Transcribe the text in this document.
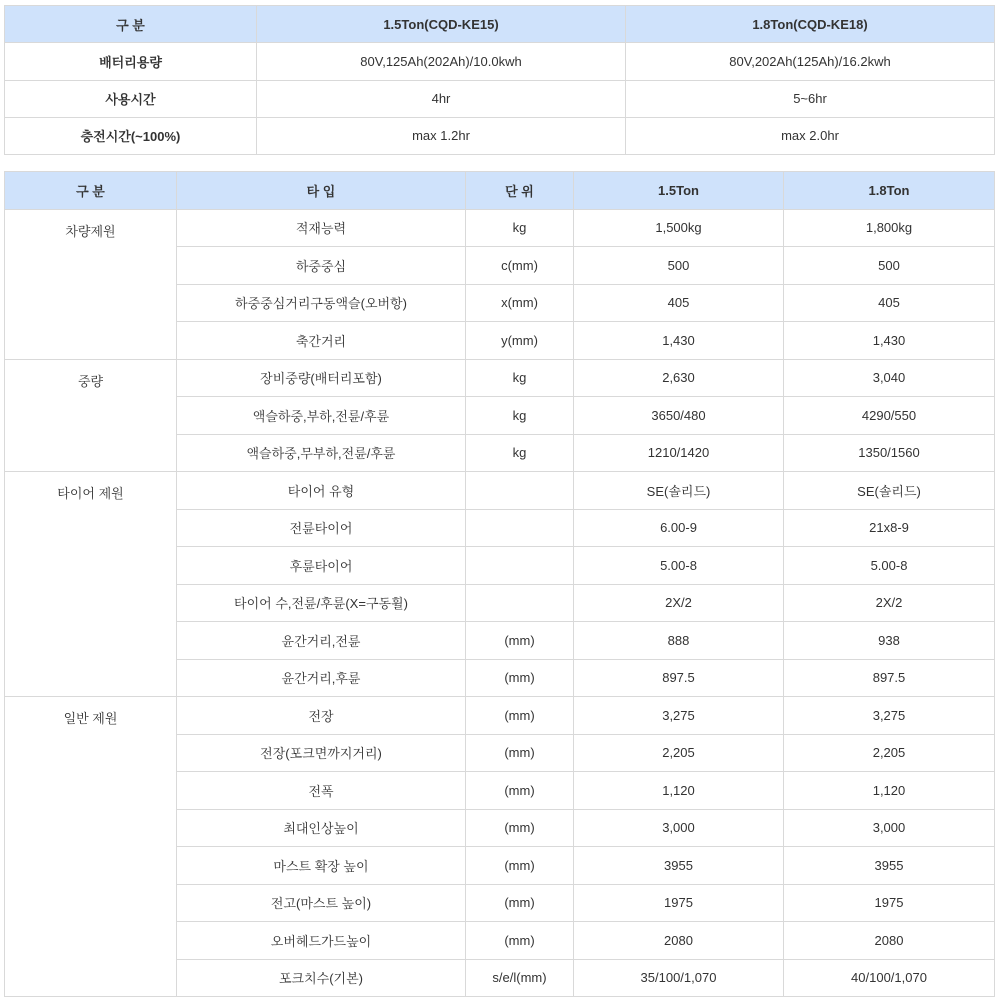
구 분	1.5Ton(CQD-KE15)	1.8Ton(CQD-KE18)
배터리용량	80V,125Ah(202Ah)/10.0kwh	80V,202Ah(125Ah)/16.2kwh
사용시간	4hr	5~6hr
충전시간(~100%)	max 1.2hr	max 2.0hr
구 분	타 입	단 위	1.5Ton	1.8Ton
차량제원	적재능력	kg	1,500kg	1,800kg
	하중중심	c(mm)	500	500
	하중중심거리구동액슬(오버항)	x(mm)	405	405
	축간거리	y(mm)	1,430	1,430
중량	장비중량(배터리포함)	kg	2,630	3,040
	액슬하중,부하,전륜/후륜	kg	3650/480	4290/550
	액슬하중,무부하,전륜/후륜	kg	1210/1420	1350/1560
타이어 제원	타이어 유형		SE(솔리드)	SE(솔리드)
	전륜타이어		6.00-9	21x8-9
	후륜타이어		5.00-8	5.00-8
	타이어 수,전륜/후륜(X=구동휠)		2X/2	2X/2
	윤간거리,전륜	(mm)	888	938
	윤간거리,후륜	(mm)	897.5	897.5
일반 제원	전장	(mm)	3,275	3,275
	전장(포크면까지거리)	(mm)	2,205	2,205
	전폭	(mm)	1,120	1,120
	최대인상높이	(mm)	3,000	3,000
	마스트 확장 높이	(mm)	3955	3955
	전고(마스트 높이)	(mm)	1975	1975
	오버헤드가드높이	(mm)	2080	2080
	포크치수(기본)	s/e/l(mm)	35/100/1,070	40/100/1,070
